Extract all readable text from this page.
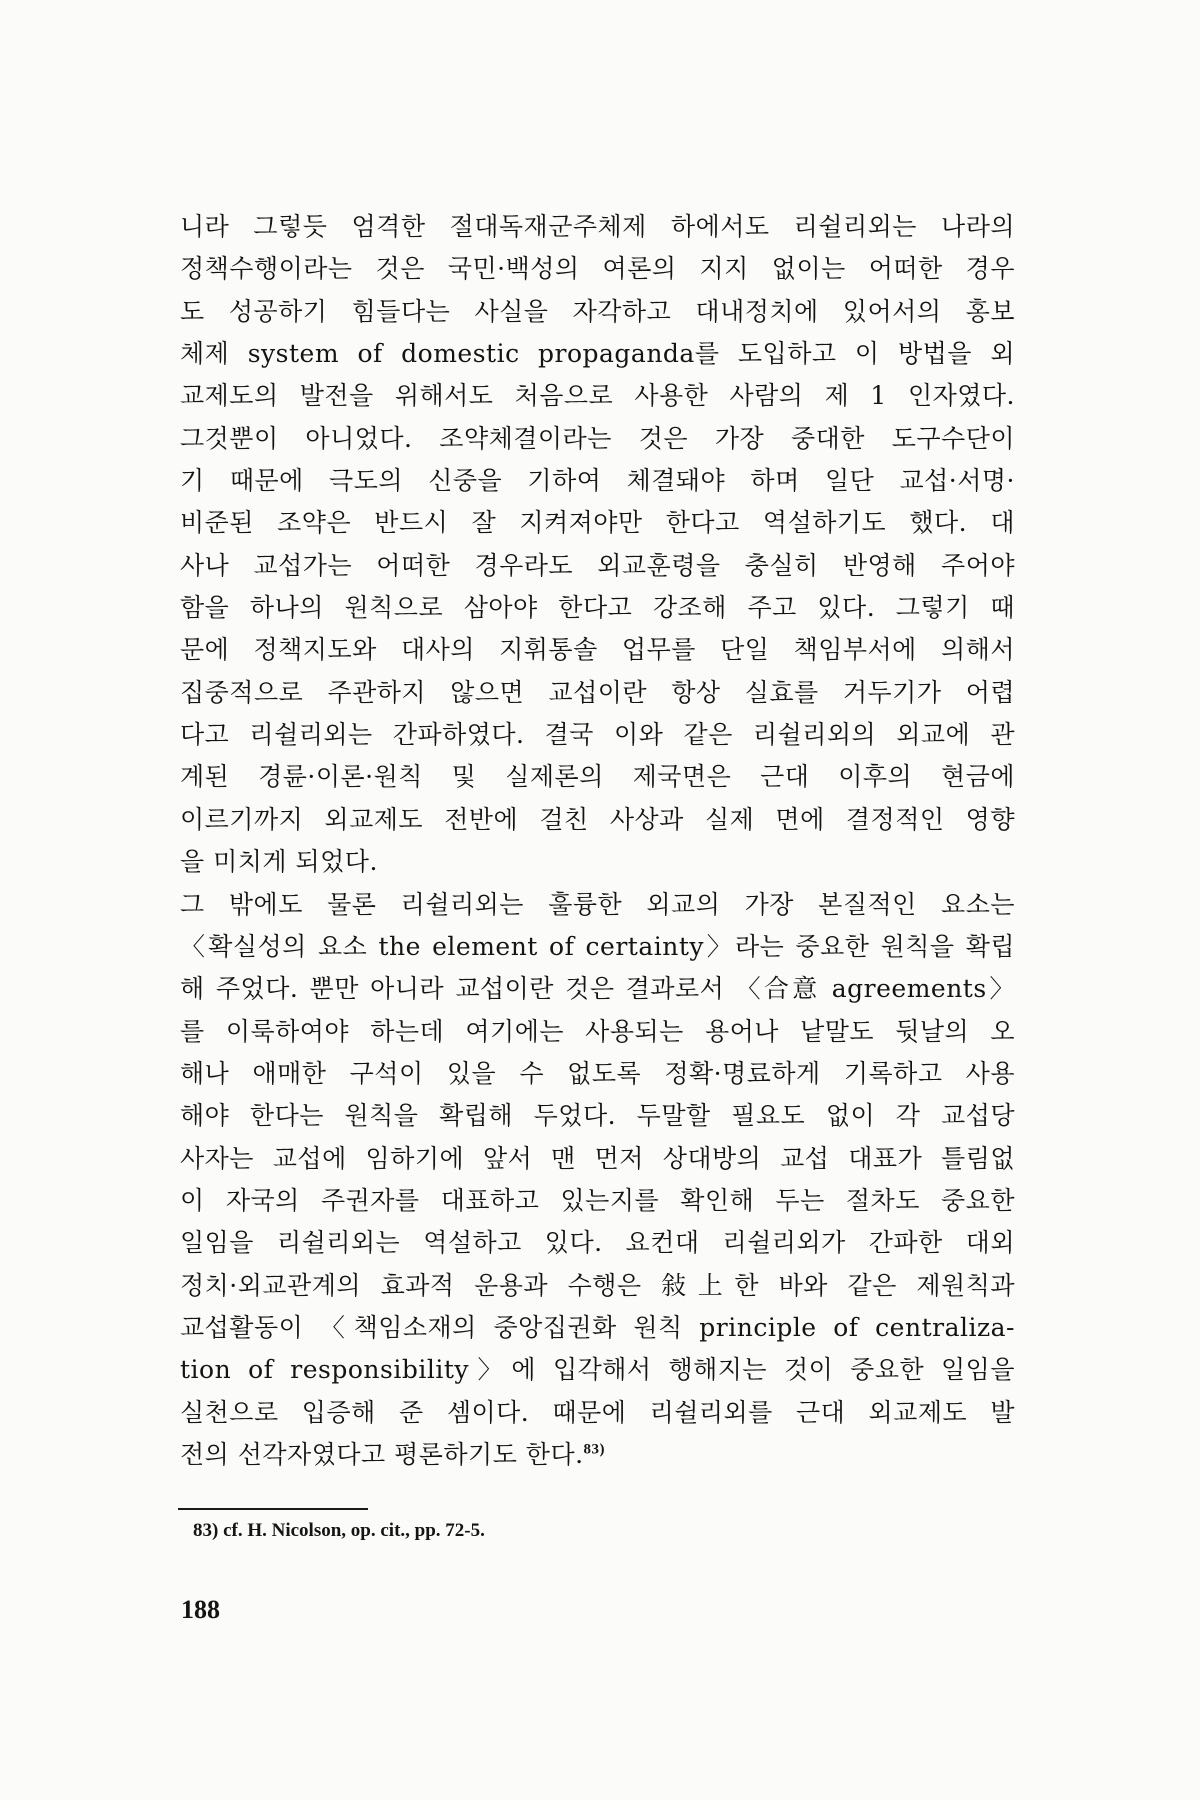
니라 그렇듯 엄격한 절대독재군주체제 하에서도 리쉴리외는 나라의
정책수행이라는 것은 국민·백성의 여론의 지지 없이는 어떠한 경우
도 성공하기 힘들다는 사실을 자각하고 대내정치에 있어서의 홍보
체제 system of domestic propaganda를 도입하고 이 방법을 외
교제도의 발전을 위해서도 처음으로 사용한 사람의 제 1 인자였다.
그것뿐이 아니었다. 조약체결이라는 것은 가장 중대한 도구수단이
기 때문에 극도의 신중을 기하여 체결돼야 하며 일단 교섭·서명·
비준된 조약은 반드시 잘 지켜져야만 한다고 역설하기도 했다. 대
사나 교섭가는 어떠한 경우라도 외교훈령을 충실히 반영해 주어야
함을 하나의 원칙으로 삼아야 한다고 강조해 주고 있다. 그렇기 때
문에 정책지도와 대사의 지휘통솔 업무를 단일 책임부서에 의해서
집중적으로 주관하지 않으면 교섭이란 항상 실효를 거두기가 어렵
다고 리쉴리외는 간파하였다. 결국 이와 같은 리쉴리외의 외교에 관
계된 경륜·이론·원칙 및 실제론의 제국면은 근대 이후의 현금에
이르기까지 외교제도 전반에 걸친 사상과 실제 면에 결정적인 영향
을 미치게 되었다.
그 밖에도 물론 리쉴리외는 훌륭한 외교의 가장 본질적인 요소는
〈확실성의 요소 the element of certainty〉라는 중요한 원칙을 확립
해 주었다. 뿐만 아니라 교섭이란 것은 결과로서 〈合意 agreements〉
를 이룩하여야 하는데 여기에는 사용되는 용어나 낱말도 뒷날의 오
해나 애매한 구석이 있을 수 없도록 정확·명료하게 기록하고 사용
해야 한다는 원칙을 확립해 두었다. 두말할 필요도 없이 각 교섭당
사자는 교섭에 임하기에 앞서 맨 먼저 상대방의 교섭 대표가 틀림없
이 자국의 주권자를 대표하고 있는지를 확인해 두는 절차도 중요한
일임을 리쉴리외는 역설하고 있다. 요컨대 리쉴리외가 간파한 대외
정치·외교관계의 효과적 운용과 수행은 敍上한 바와 같은 제원칙과
교섭활동이 〈책임소재의 중앙집권화 원칙 principle of centraliza-
tion of responsibility〉에 입각해서 행해지는 것이 중요한 일임을
실천으로 입증해 준 셈이다. 때문에 리쉴리외를 근대 외교제도 발
전의 선각자였다고 평론하기도 한다.$^{83)}$
83) cf. H. Nicolson, op. cit., pp. 72-5.
188
